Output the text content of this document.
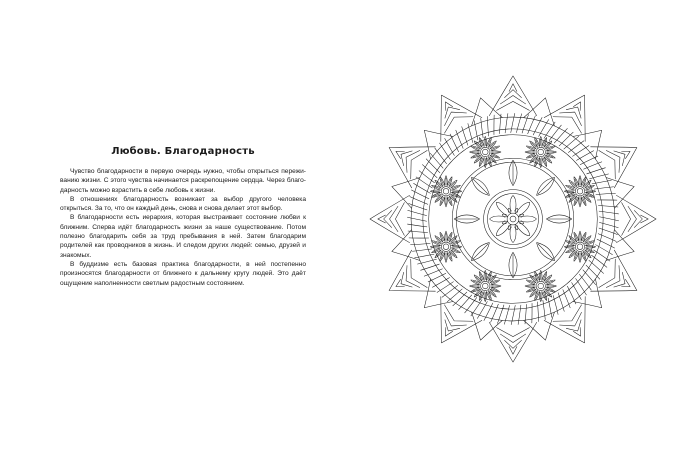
Любовь. Благодарность

Чувство благодарности в первую очередь нужно, чтобы открыться переживанию жизни. С этого чувства начинается раскрепощение сердца. Через благодарность можно взрастить в себе любовь к жизни.

В отношениях благодарность возникает за выбор другого человека открыться. За то, что он каждый день, снова и снова делает этот выбор.

В благодарности есть иерархия, которая выстраивает состояние любви к ближним. Сперва идёт благодарность жизни за наше существование. Потом полезно благодарить себя за труд пребывания в ней. Затем благодарим родителей как проводников в жизнь. И следом других людей: семью, друзей и знакомых.

В буддизме есть базовая практика благодарности, в ней постепенно произносятся благодарности от ближнего к дальнему кругу людей. Это даёт ощущение наполненности светлым радостным состоянием.
